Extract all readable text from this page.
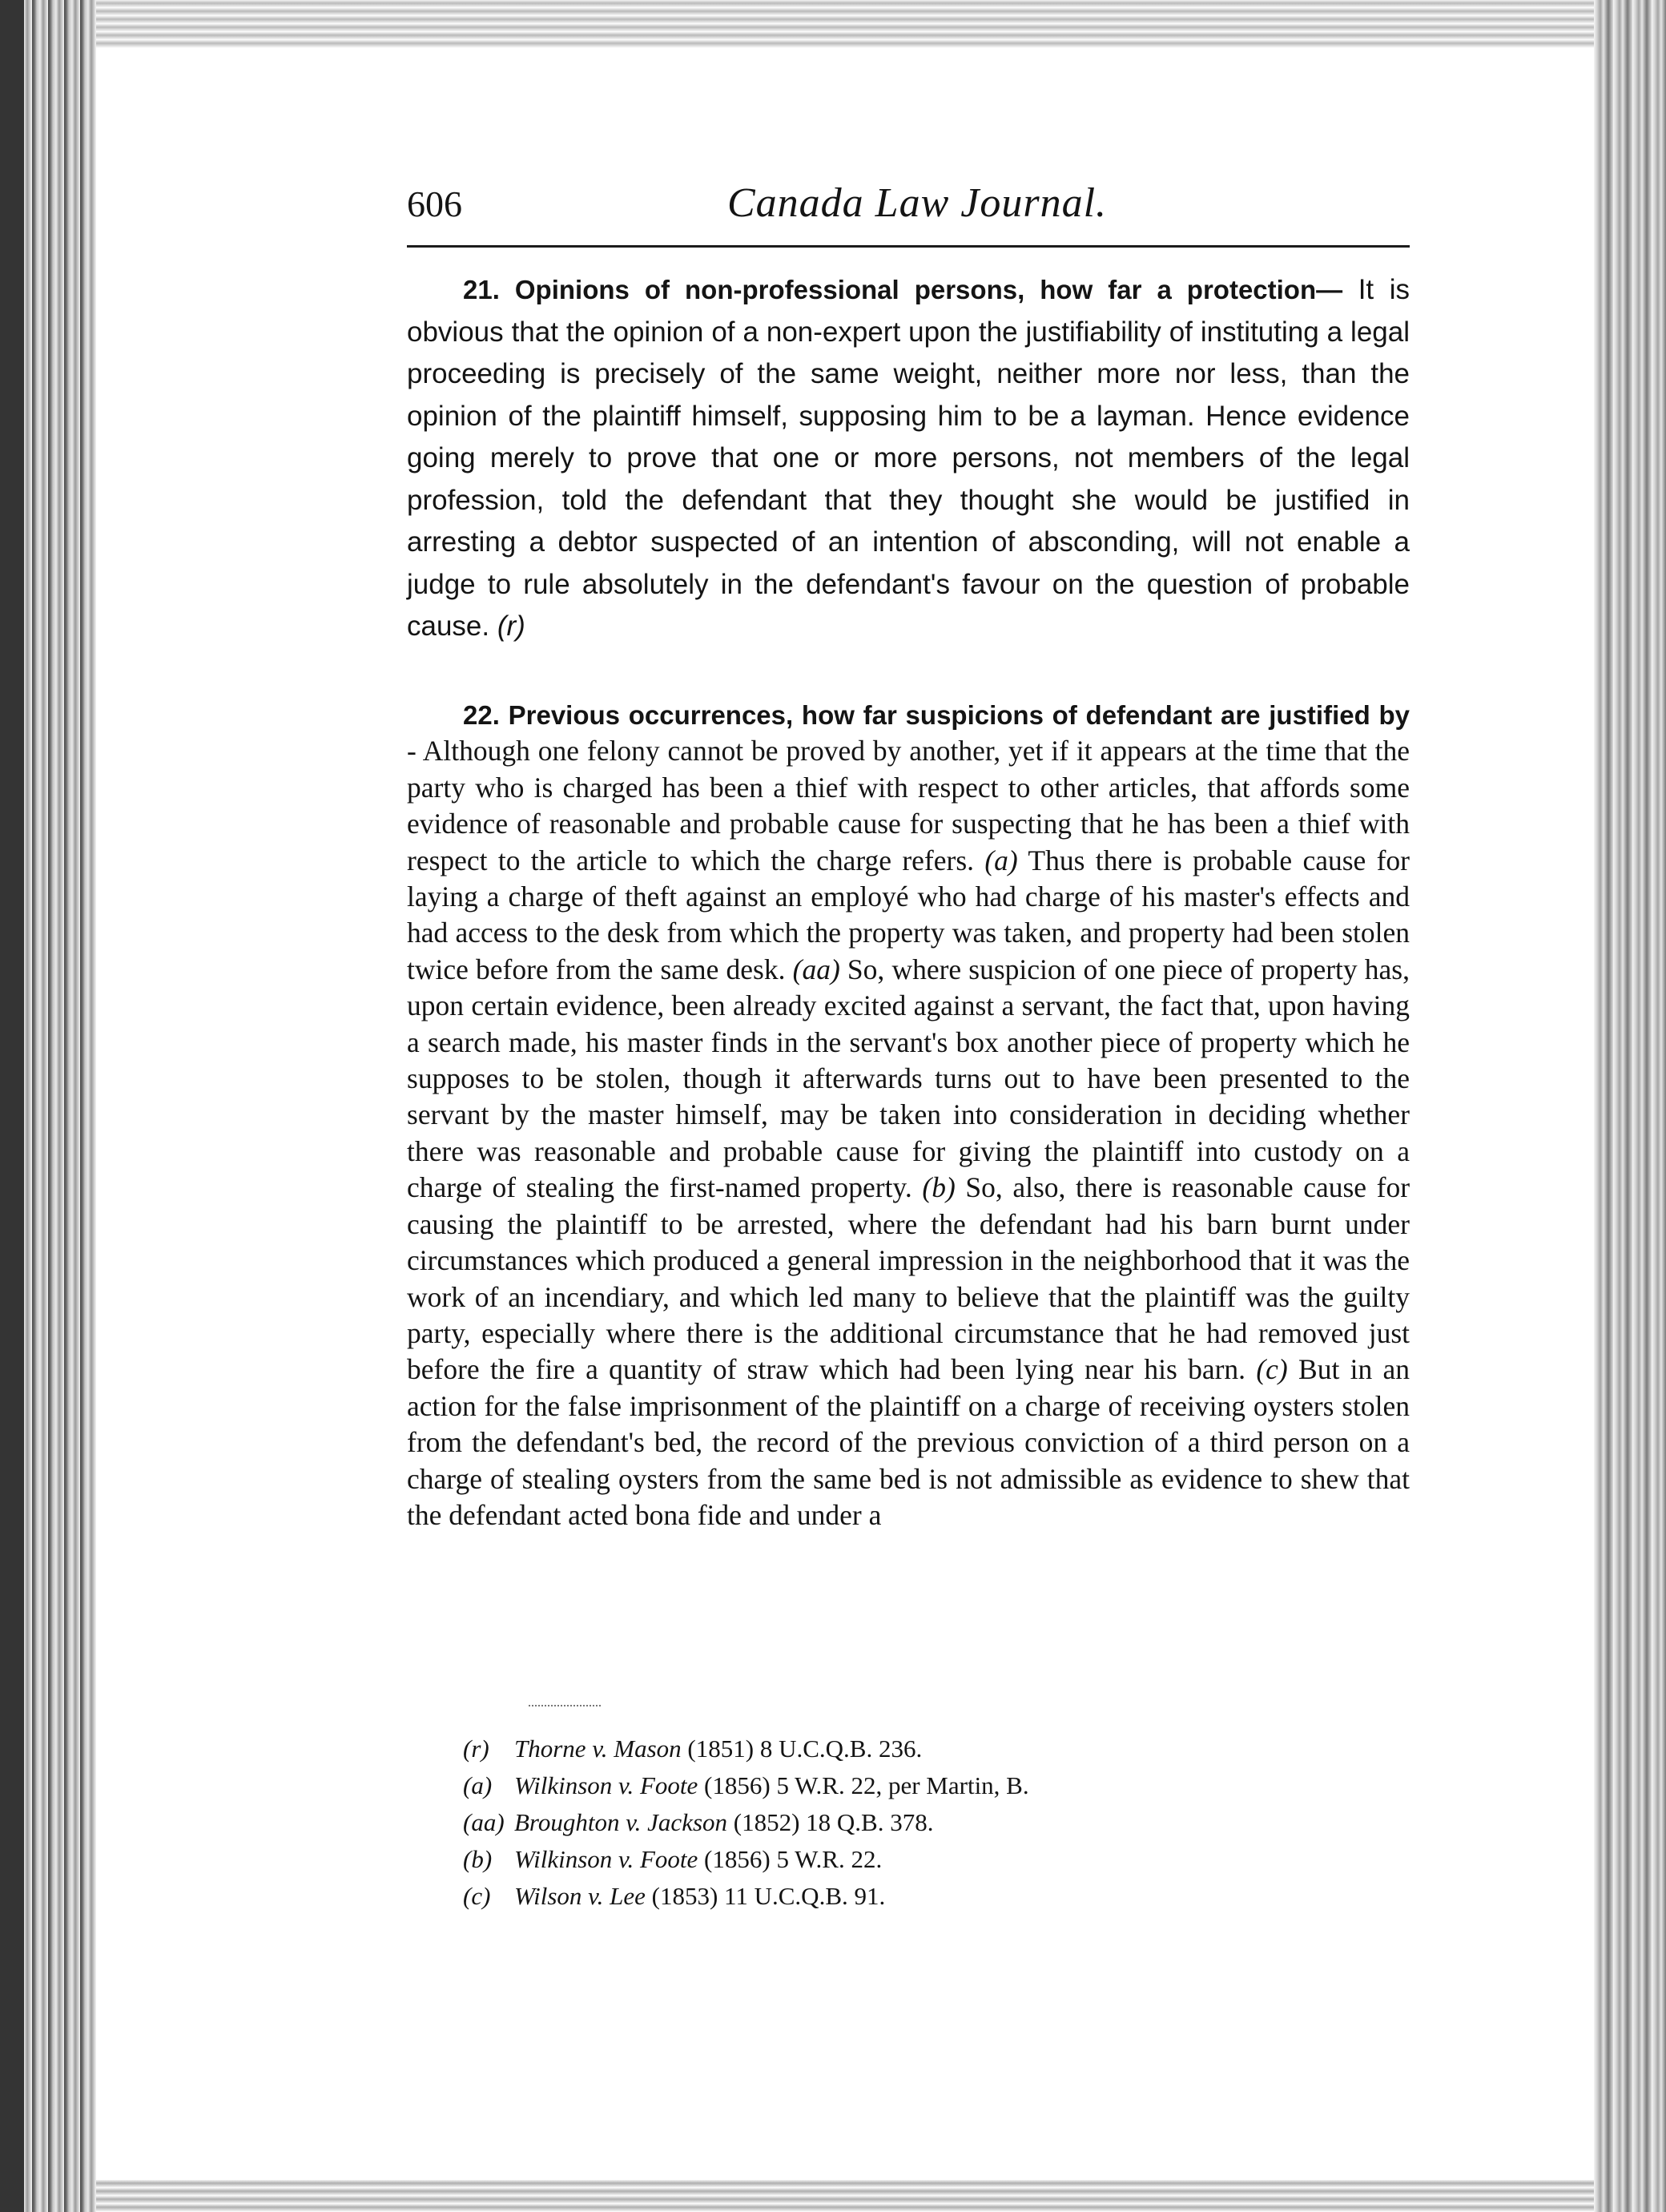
606	Canada Law Journal.

21. Opinions of non-professional persons, how far a protection— It is obvious that the opinion of a non-expert upon the justifiability of instituting a legal proceeding is precisely of the same weight, neither more nor less, than the opinion of the plaintiff himself, supposing him to be a layman. Hence evidence going merely to prove that one or more persons, not members of the legal profession, told the defendant that they thought she would be justified in arresting a debtor suspected of an intention of absconding, will not enable a judge to rule absolutely in the defendant's favour on the question of probable cause. (r)

22. Previous occurrences, how far suspicions of defendant are justified by - Although one felony cannot be proved by another, yet if it appears at the time that the party who is charged has been a thief with respect to other articles, that affords some evidence of reasonable and probable cause for suspecting that he has been a thief with respect to the article to which the charge refers. (a) Thus there is probable cause for laying a charge of theft against an employé who had charge of his master's effects and had access to the desk from which the property was taken, and property had been stolen twice before from the same desk. (aa) So, where suspicion of one piece of property has, upon certain evidence, been already excited against a servant, the fact that, upon having a search made, his master finds in the servant's box another piece of property which he supposes to be stolen, though it afterwards turns out to have been presented to the servant by the master himself, may be taken into consideration in deciding whether there was reasonable and probable cause for giving the plaintiff into custody on a charge of stealing the first-named property. (b) So, also, there is reasonable cause for causing the plaintiff to be arrested, where the defendant had his barn burnt under circumstances which produced a general impression in the neighborhood that it was the work of an incendiary, and which led many to believe that the plaintiff was the guilty party, especially where there is the additional circumstance that he had removed just before the fire a quantity of straw which had been lying near his barn. (c) But in an action for the false imprisonment of the plaintiff on a charge of receiving oysters stolen from the defendant's bed, the record of the previous conviction of a third person on a charge of stealing oysters from the same bed is not admissible as evidence to shew that the defendant acted bona fide and under a

(r) Thorne v. Mason (1851) 8 U.C.Q.B. 236.
(a) Wilkinson v. Foote (1856) 5 W.R. 22, per Martin, B.
(aa) Broughton v. Jackson (1852) 18 Q.B. 378.
(b) Wilkinson v. Foote (1856) 5 W.R. 22.
(c) Wilson v. Lee (1853) 11 U.C.Q.B. 91.
